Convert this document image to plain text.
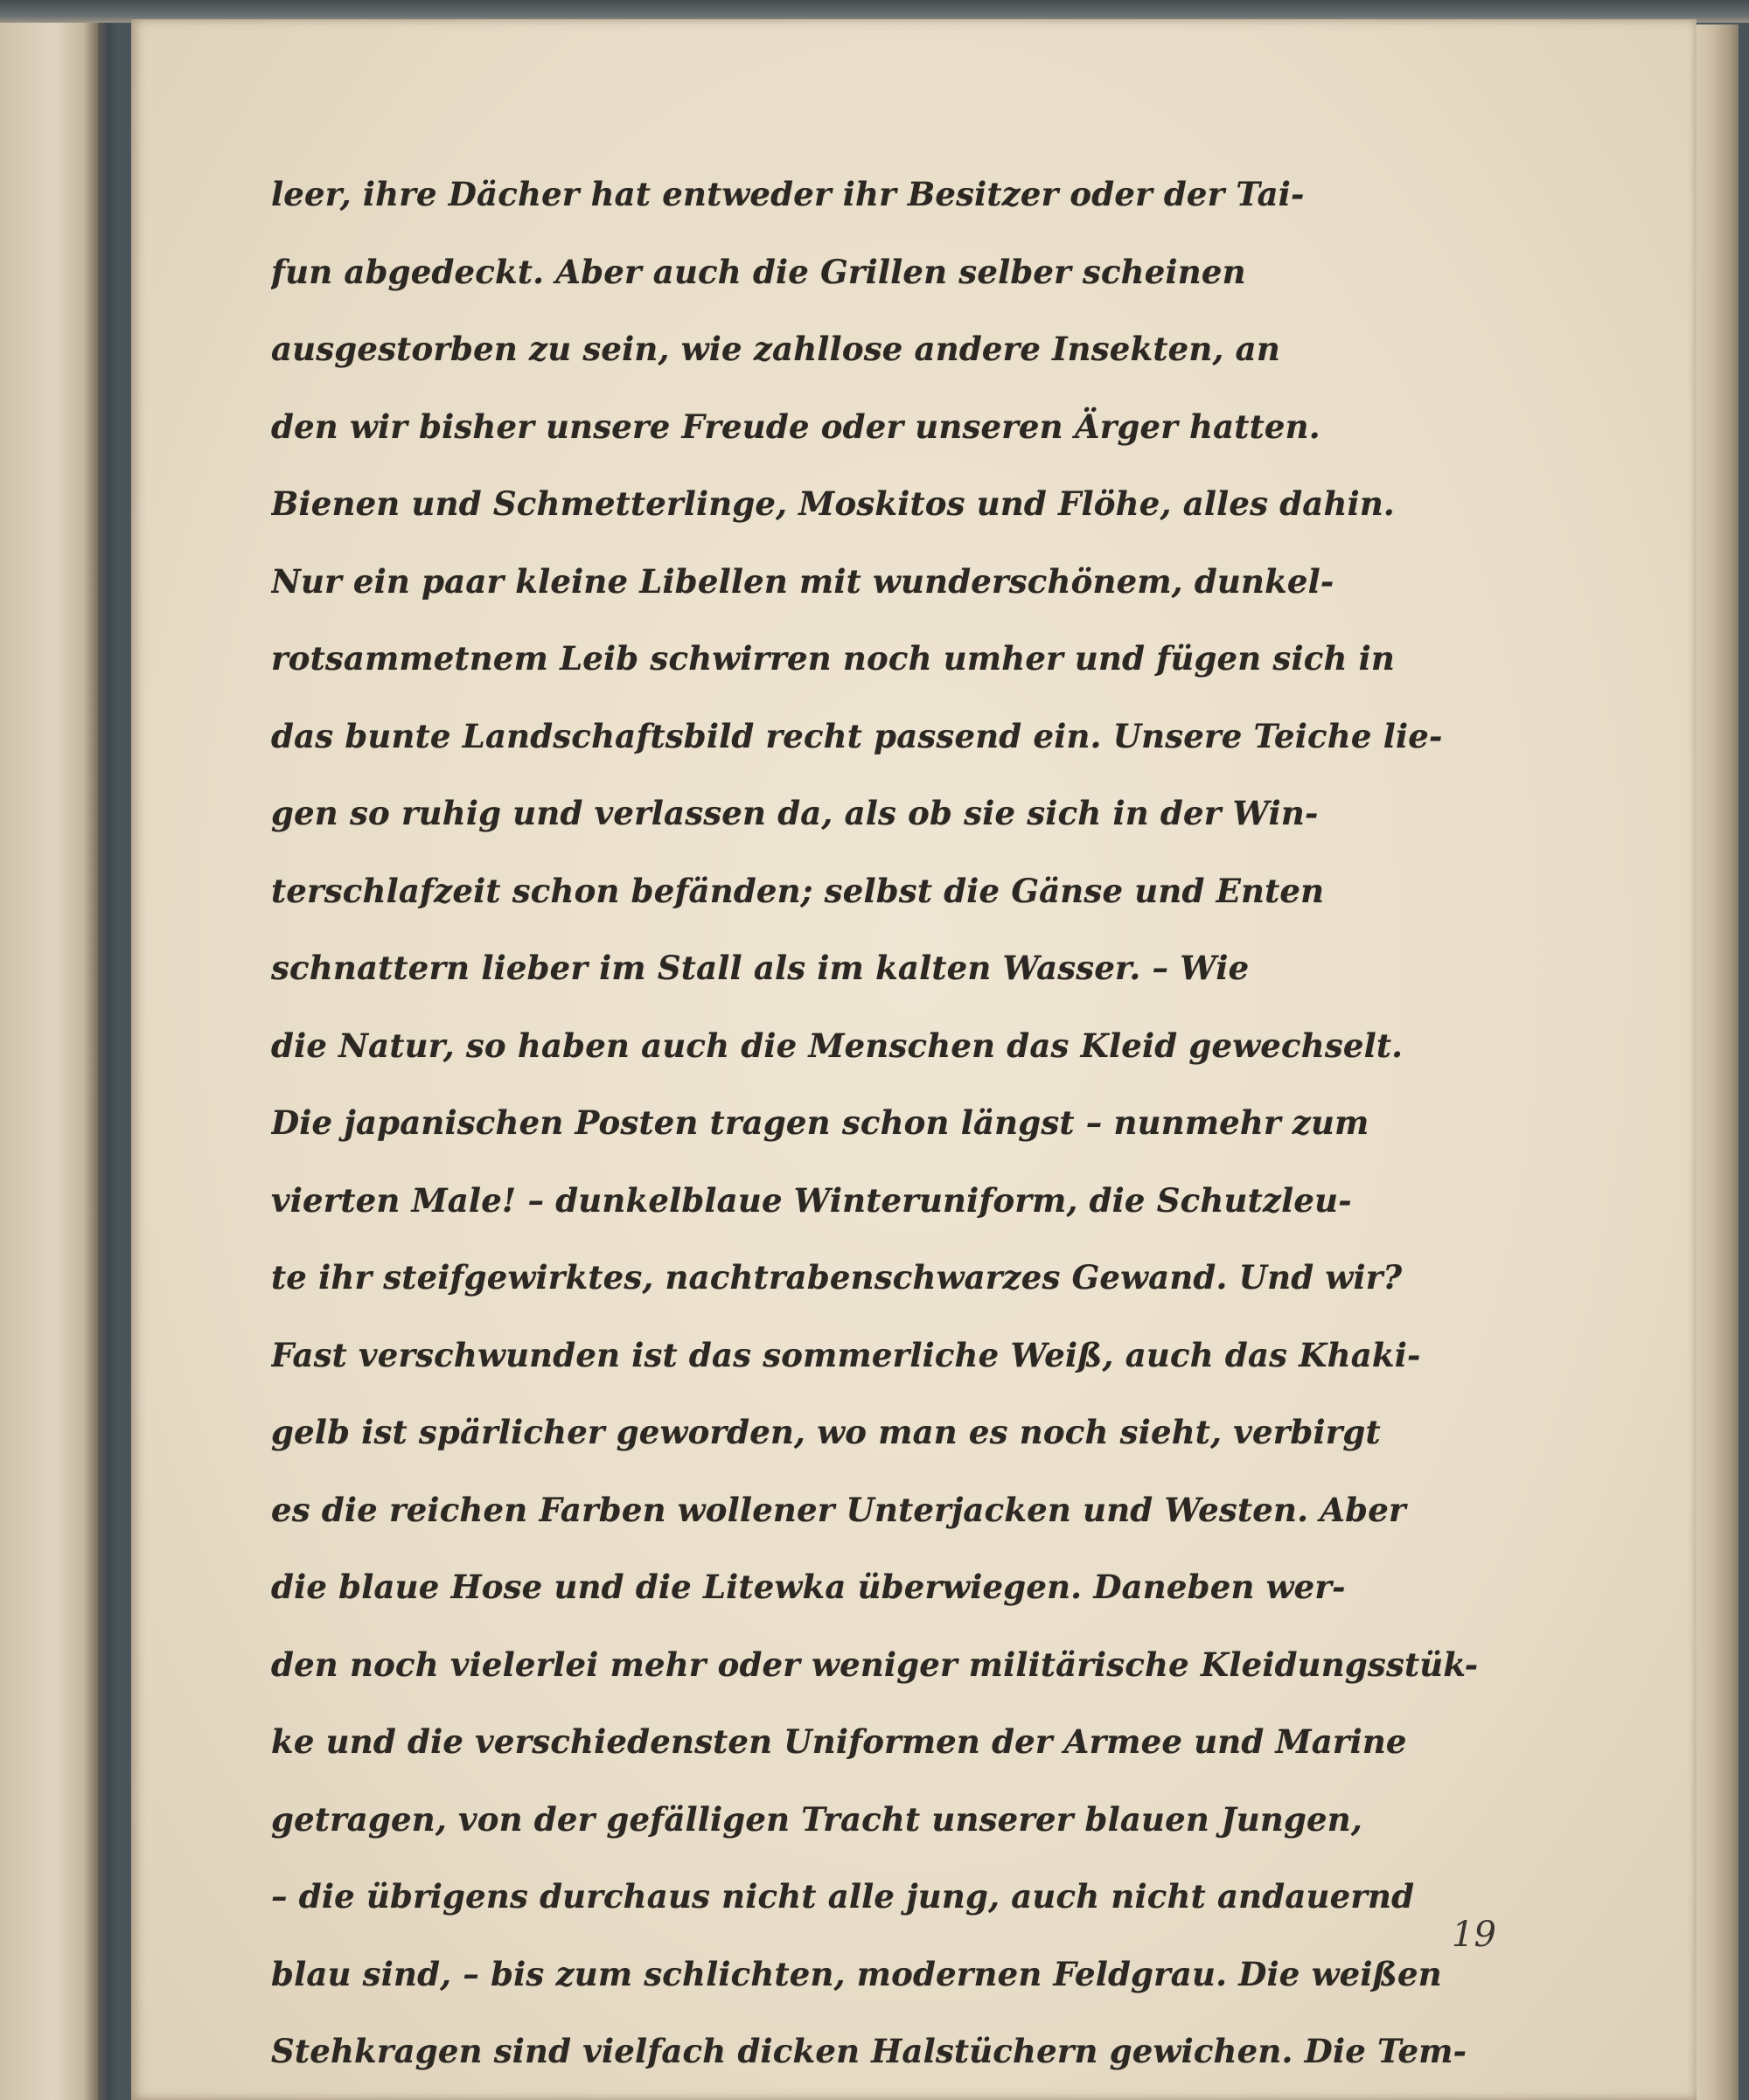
leer, ihre Dächer hat entweder ihr Besitzer oder der Tai-
fun abgedeckt. Aber auch die Grillen selber scheinen
ausgestorben zu sein, wie zahllose andere Insekten, an
den wir bisher unsere Freude oder unseren Ärger hatten.
Bienen und Schmetterlinge, Moskitos und Flöhe, alles dahin.
Nur ein paar kleine Libellen mit wunderschönem, dunkel-
rotsammetnem Leib schwirren noch umher und fügen sich in
das bunte Landschaftsbild recht passend ein. Unsere Teiche lie-
gen so ruhig und verlassen da, als ob sie sich in der Win-
terschlafzeit schon befänden; selbst die Gänse und Enten
schnattern lieber im Stall als im kalten Wasser. – Wie
die Natur, so haben auch die Menschen das Kleid gewechselt.
Die japanischen Posten tragen schon längst – nunmehr zum
vierten Male! – dunkelblaue Winteruniform, die Schutzleu-
te ihr steifgewirktes, nachtrabenschwarzes Gewand. Und wir?
Fast verschwunden ist das sommerliche Weiß, auch das Khaki-
gelb ist spärlicher geworden, wo man es noch sieht, verbirgt
es die reichen Farben wollener Unterjacken und Westen. Aber
die blaue Hose und die Litewka überwiegen. Daneben wer-
den noch vielerlei mehr oder weniger militärische Kleidungsstük-
ke und die verschiedensten Uniformen der Armee und Marine
getragen, von der gefälligen Tracht unserer blauen Jungen,
– die übrigens durchaus nicht alle jung, auch nicht andauernd
blau sind, – bis zum schlichten, modernen Feldgrau. Die weißen
Stehkragen sind vielfach dicken Halstüchern gewichen. Die Tem-
19
